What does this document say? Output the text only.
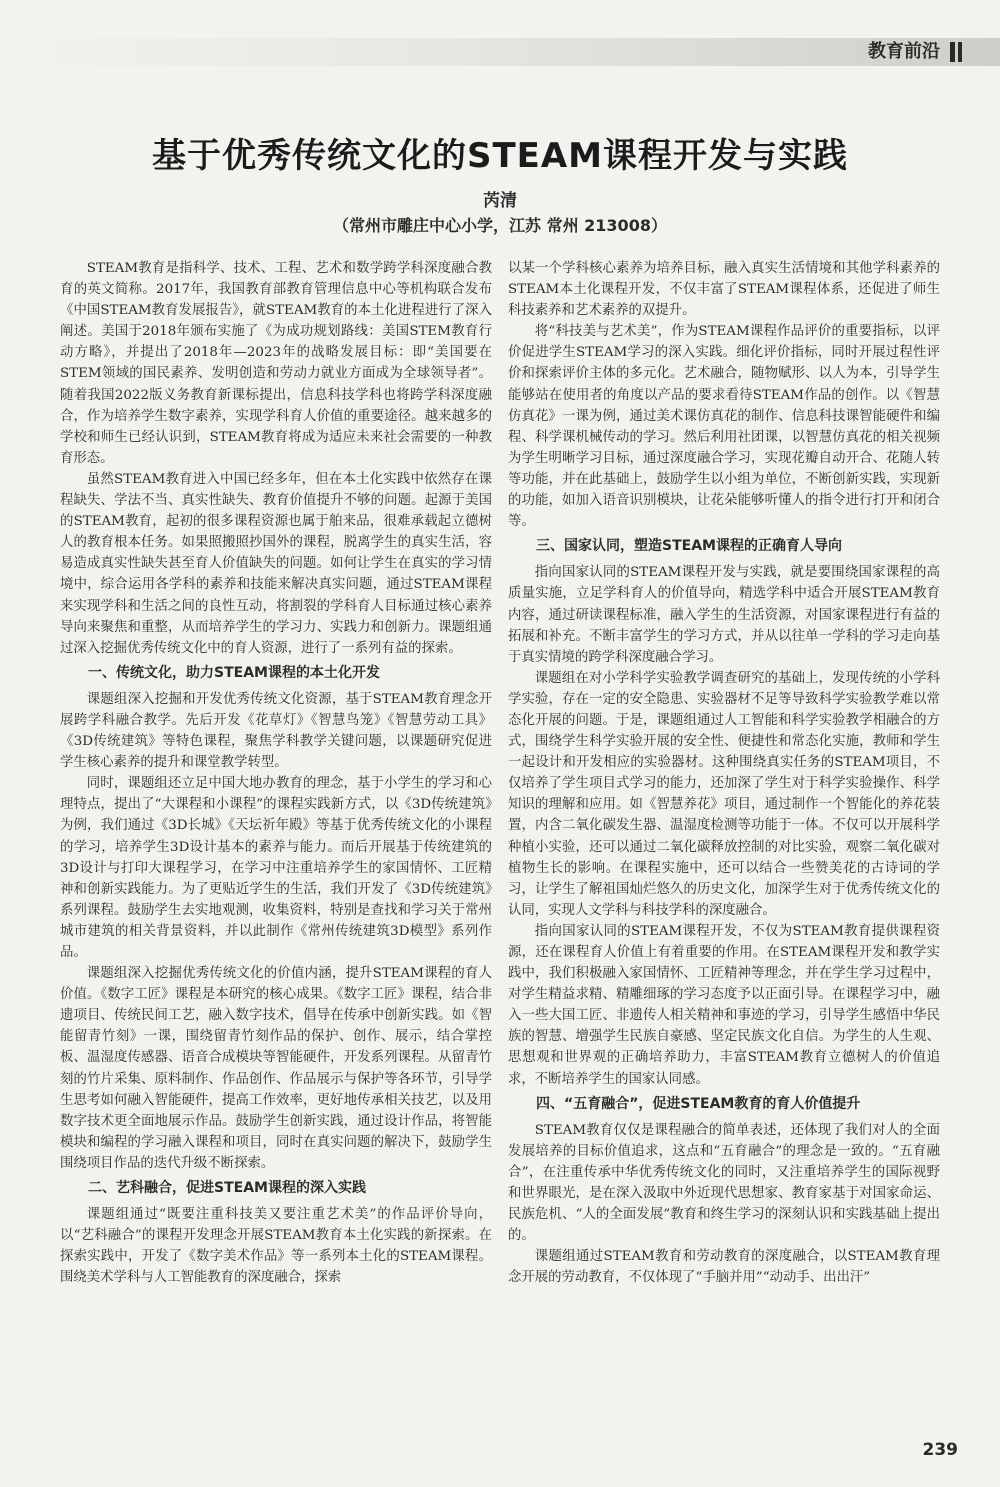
教育前沿
基于优秀传统文化的STEAM课程开发与实践
芮清
（常州市雕庄中心小学，江苏 常州 213008）

STEAM教育是指科学、技术、工程、艺术和数学跨学科深度融合教育的英文简称。2017年，我国教育部教育管理信息中心等机构联合发布《中国STEAM教育发展报告》，就STEAM教育的本土化进程进行了深入阐述。美国于2018年颁布实施了《为成功规划路线：美国STEM教育行动方略》，并提出了2018年—2023年的战略发展目标：即“美国要在STEM领域的国民素养、发明创造和劳动力就业方面成为全球领导者”。随着我国2022版义务教育新课标提出，信息科技学科也将跨学科深度融合，作为培养学生数字素养，实现学科育人价值的重要途径。越来越多的学校和师生已经认识到，STEAM教育将成为适应未来社会需要的一种教育形态。

虽然STEAM教育进入中国已经多年，但在本土化实践中依然存在课程缺失、学法不当、真实性缺失、教育价值提升不够的问题。起源于美国的STEAM教育，起初的很多课程资源也属于舶来品，很难承载起立德树人的教育根本任务。如果照搬照抄国外的课程，脱离学生的真实生活，容易造成真实性缺失甚至育人价值缺失的问题。如何让学生在真实的学习情境中，综合运用各学科的素养和技能来解决真实问题，通过STEAM课程来实现学科和生活之间的良性互动，将割裂的学科育人目标通过核心素养导向来聚焦和重整，从而培养学生的学习力、实践力和创新力。课题组通过深入挖掘优秀传统文化中的育人资源，进行了一系列有益的探索。

一、传统文化，助力STEAM课程的本土化开发

课题组深入挖掘和开发优秀传统文化资源，基于STEAM教育理念开展跨学科融合教学。先后开发《花草灯》《智慧鸟笼》《智慧劳动工具》《3D传统建筑》等特色课程，聚焦学科教学关键问题，以课题研究促进学生核心素养的提升和课堂教学转型。

同时，课题组还立足中国大地办教育的理念，基于小学生的学习和心理特点，提出了“大课程和小课程”的课程实践新方式，以《3D传统建筑》为例，我们通过《3D长城》《天坛祈年殿》等基于优秀传统文化的小课程的学习，培养学生3D设计基本的素养与能力。而后开展基于传统建筑的3D设计与打印大课程学习，在学习中注重培养学生的家国情怀、工匠精神和创新实践能力。为了更贴近学生的生活，我们开发了《3D传统建筑》系列课程。鼓励学生去实地观测，收集资料，特别是查找和学习关于常州城市建筑的相关背景资料，并以此制作《常州传统建筑3D模型》系列作品。

课题组深入挖掘优秀传统文化的价值内涵，提升STEAM课程的育人价值。《数字工匠》课程是本研究的核心成果。《数字工匠》课程，结合非遗项目、传统民间工艺，融入数字技术，倡导在传承中创新实践。如《智能留青竹刻》一课，围绕留青竹刻作品的保护、创作、展示，结合掌控板、温湿度传感器、语音合成模块等智能硬件，开发系列课程。从留青竹刻的竹片采集、原料制作、作品创作、作品展示与保护等各环节，引导学生思考如何融入智能硬件，提高工作效率，更好地传承相关技艺，以及用数字技术更全面地展示作品。鼓励学生创新实践，通过设计作品，将智能模块和编程的学习融入课程和项目，同时在真实问题的解决下，鼓励学生围绕项目作品的迭代升级不断探索。

二、艺科融合，促进STEAM课程的深入实践

课题组通过“既要注重科技美又要注重艺术美”的作品评价导向，以“艺科融合”的课程开发理念开展STEAM教育本土化实践的新探索。在探索实践中，开发了《数字美术作品》等一系列本土化的STEAM课程。围绕美术学科与人工智能教育的深度融合，探索

以某一个学科核心素养为培养目标，融入真实生活情境和其他学科素养的STEAM本土化课程开发，不仅丰富了STEAM课程体系，还促进了师生科技素养和艺术素养的双提升。

将“科技美与艺术美”，作为STEAM课程作品评价的重要指标，以评价促进学生STEAM学习的深入实践。细化评价指标，同时开展过程性评价和探索评价主体的多元化。艺术融合，随物赋形、以人为本，引导学生能够站在使用者的角度以产品的要求看待STEAM作品的创作。以《智慧仿真花》一课为例，通过美术课仿真花的制作、信息科技课智能硬件和编程、科学课机械传动的学习。然后利用社团课，以智慧仿真花的相关视频为学生明晰学习目标，通过深度融合学习，实现花瓣自动开合、花随人转等功能，并在此基础上，鼓励学生以小组为单位，不断创新实践，实现新的功能，如加入语音识别模块，让花朵能够听懂人的指令进行打开和闭合等。

三、国家认同，塑造STEAM课程的正确育人导向

指向国家认同的STEAM课程开发与实践，就是要围绕国家课程的高质量实施，立足学科育人的价值导向，精选学科中适合开展STEAM教育内容，通过研读课程标准，融入学生的生活资源，对国家课程进行有益的拓展和补充。不断丰富学生的学习方式，并从以往单一学科的学习走向基于真实情境的跨学科深度融合学习。

课题组在对小学科学实验教学调查研究的基础上，发现传统的小学科学实验，存在一定的安全隐患、实验器材不足等导致科学实验教学难以常态化开展的问题。于是，课题组通过人工智能和科学实验教学相融合的方式，围绕学生科学实验开展的安全性、便捷性和常态化实施，教师和学生一起设计和开发相应的实验器材。这种围绕真实任务的STEAM项目，不仅培养了学生项目式学习的能力，还加深了学生对于科学实验操作、科学知识的理解和应用。如《智慧养花》项目，通过制作一个智能化的养花装置，内含二氧化碳发生器、温湿度检测等功能于一体。不仅可以开展科学种植小实验，还可以通过二氧化碳释放控制的对比实验，观察二氧化碳对植物生长的影响。在课程实施中，还可以结合一些赞美花的古诗词的学习，让学生了解祖国灿烂悠久的历史文化，加深学生对于优秀传统文化的认同，实现人文学科与科技学科的深度融合。

指向国家认同的STEAM课程开发，不仅为STEAM教育提供课程资源，还在课程育人价值上有着重要的作用。在STEAM课程开发和教学实践中，我们积极融入家国情怀、工匠精神等理念，并在学生学习过程中，对学生精益求精、精雕细琢的学习态度予以正面引导。在课程学习中，融入一些大国工匠、非遗传人相关精神和事迹的学习，引导学生感悟中华民族的智慧、增强学生民族自豪感、坚定民族文化自信。为学生的人生观、思想观和世界观的正确培养助力，丰富STEAM教育立德树人的价值追求，不断培养学生的国家认同感。

四、“五育融合”，促进STEAM教育的育人价值提升

STEAM教育仅仅是课程融合的简单表述，还体现了我们对人的全面发展培养的目标价值追求，这点和“五育融合”的理念是一致的。“五育融合”，在注重传承中华优秀传统文化的同时，又注重培养学生的国际视野和世界眼光，是在深入汲取中外近现代思想家、教育家基于对国家命运、民族危机、“人的全面发展”教育和终生学习的深刻认识和实践基础上提出的。

课题组通过STEAM教育和劳动教育的深度融合，以STEAM教育理念开展的劳动教育，不仅体现了“手脑并用”“动动手、出出汗”

239
